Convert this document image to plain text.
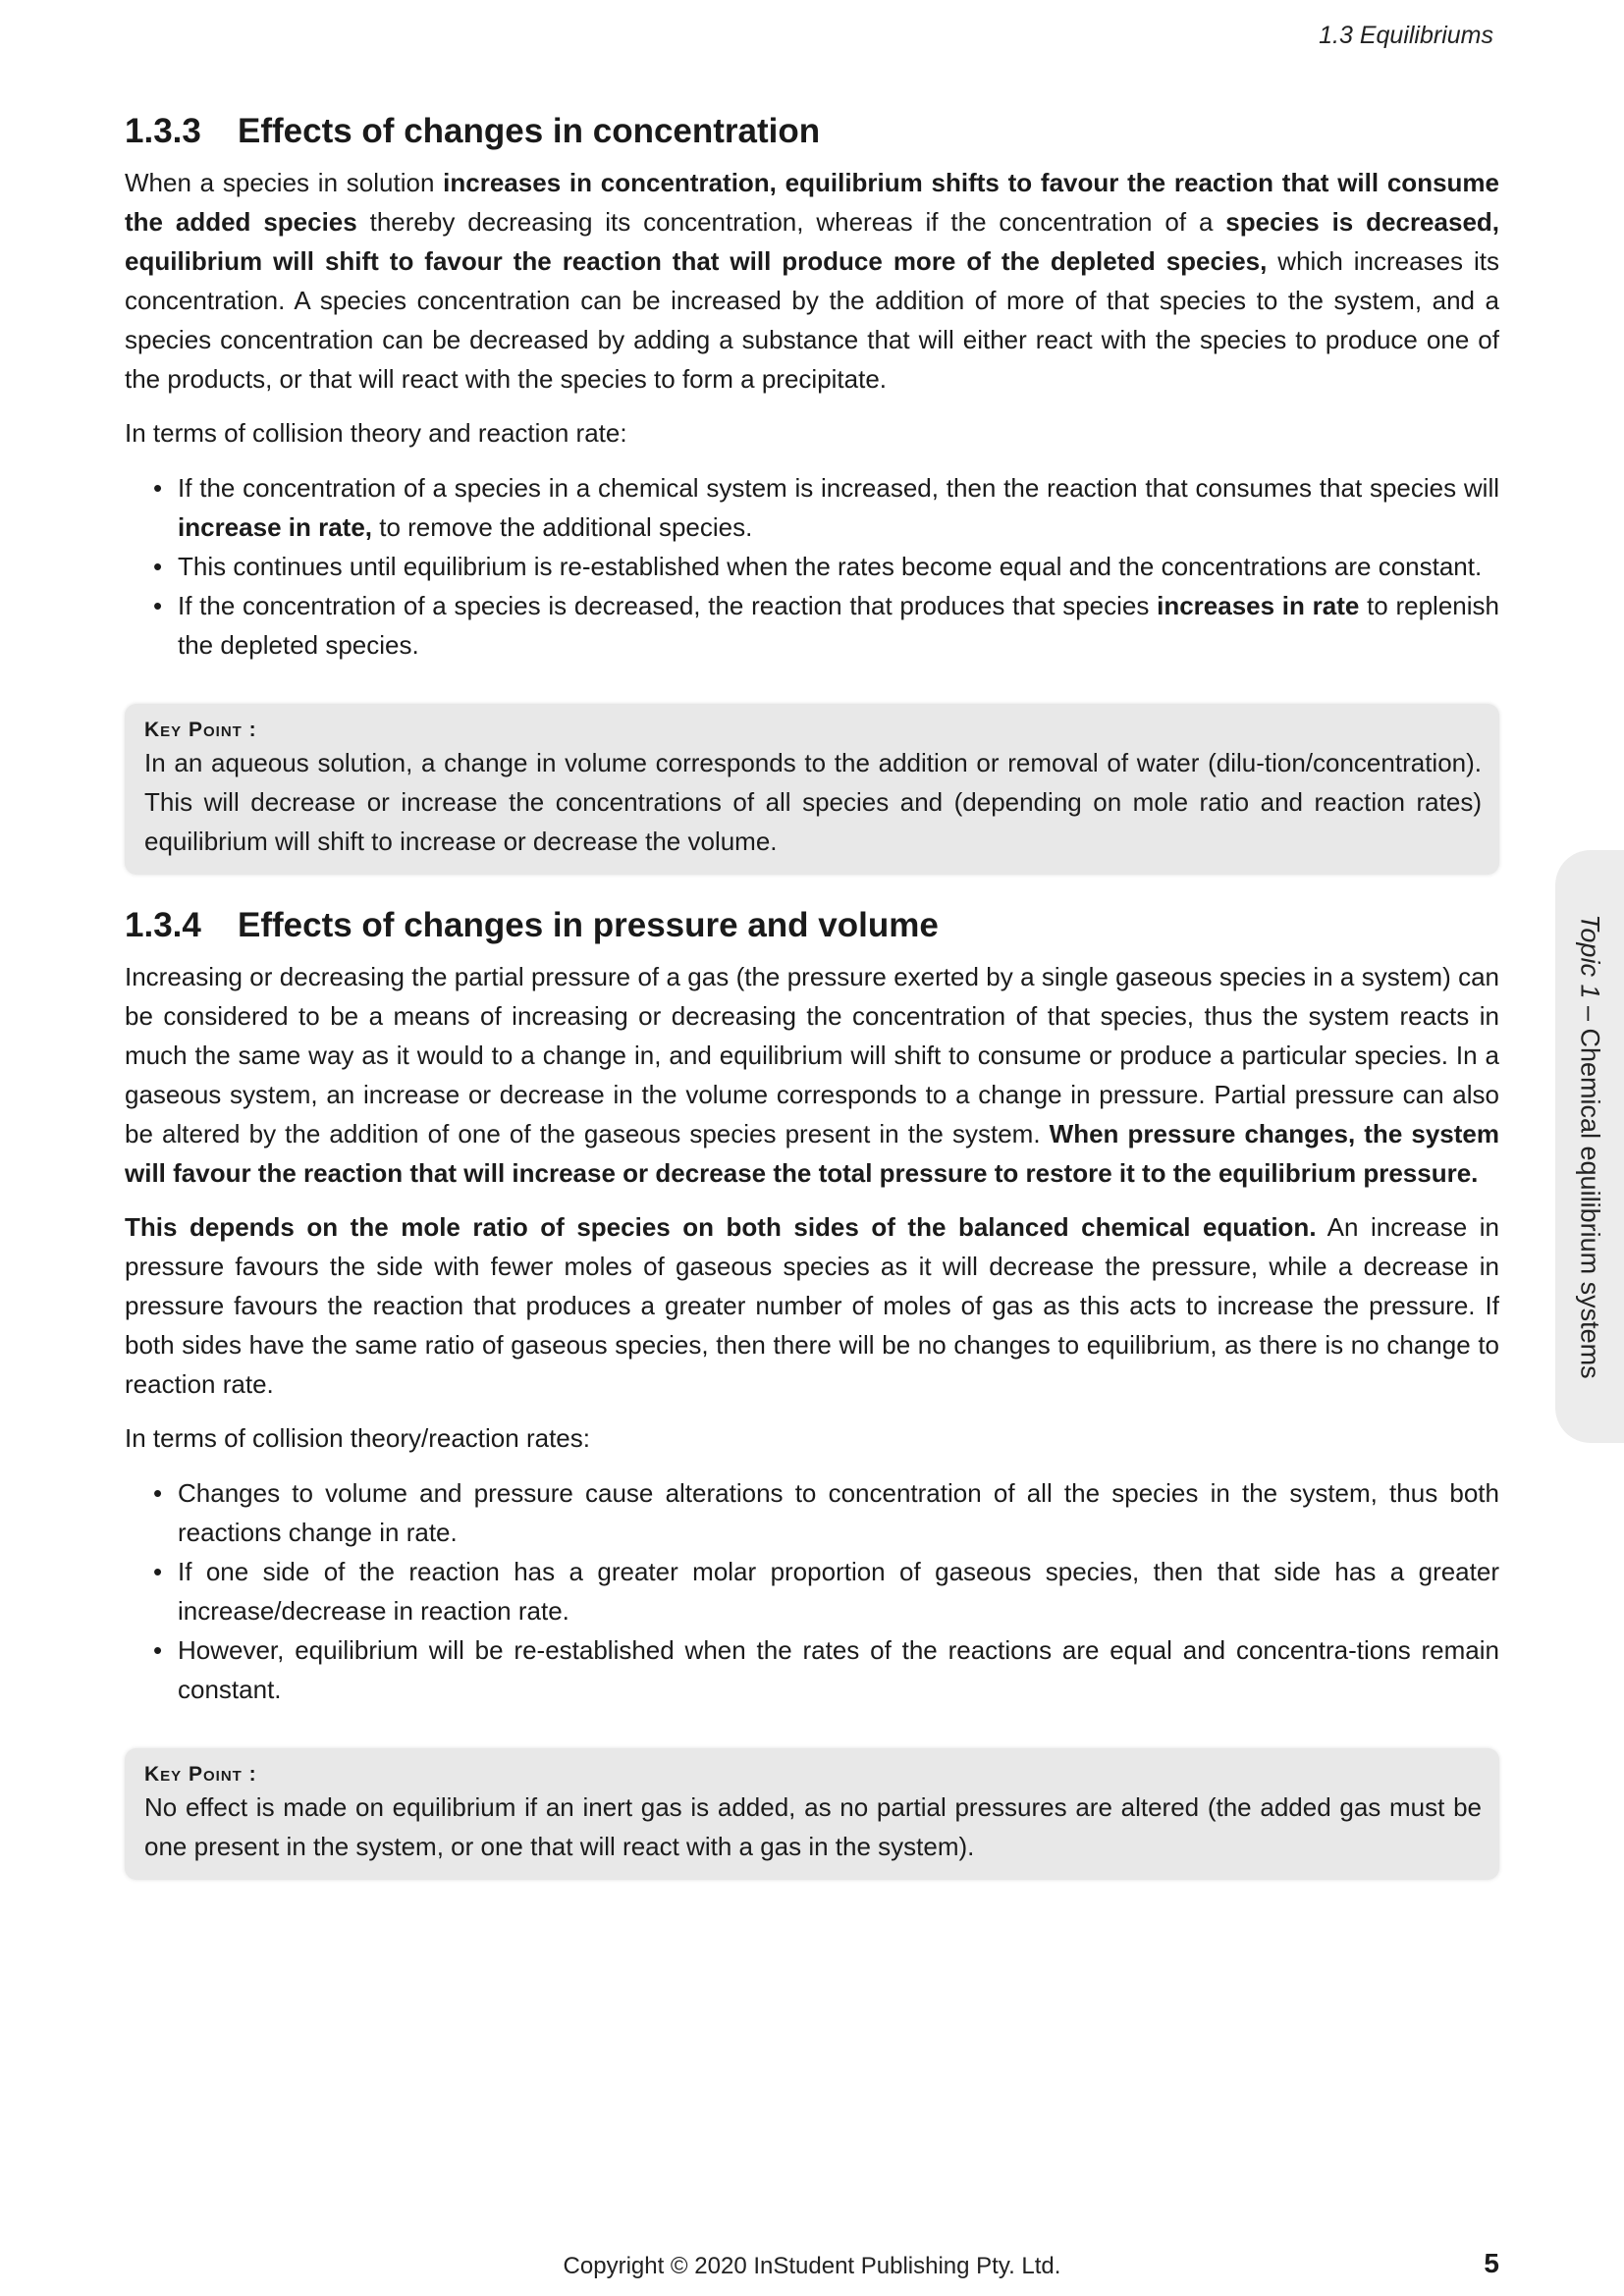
1.3 Equilibriums
1.3.3 Effects of changes in concentration

When a species in solution increases in concentration, equilibrium shifts to favour the reaction that will consume the added species thereby decreasing its concentration, whereas if the concentration of a species is decreased, equilibrium will shift to favour the reaction that will produce more of the depleted species, which increases its concentration. A species concentration can be increased by the addition of more of that species to the system, and a species concentration can be decreased by adding a substance that will either react with the species to produce one of the products, or that will react with the species to form a precipitate.

In terms of collision theory and reaction rate:

• If the concentration of a species in a chemical system is increased, then the reaction that consumes that species will increase in rate, to remove the additional species.
• This continues until equilibrium is re-established when the rates become equal and the concentrations are constant.
• If the concentration of a species is decreased, the reaction that produces that species increases in rate to replenish the depleted species.
Key Point :
In an aqueous solution, a change in volume corresponds to the addition or removal of water (dilu-tion/concentration). This will decrease or increase the concentrations of all species and (depending on mole ratio and reaction rates) equilibrium will shift to increase or decrease the volume.
1.3.4 Effects of changes in pressure and volume

Increasing or decreasing the partial pressure of a gas (the pressure exerted by a single gaseous species in a system) can be considered to be a means of increasing or decreasing the concentration of that species, thus the system reacts in much the same way as it would to a change in, and equilibrium will shift to consume or produce a particular species. In a gaseous system, an increase or decrease in the volume corresponds to a change in pressure. Partial pressure can also be altered by the addition of one of the gaseous species present in the system. When pressure changes, the system will favour the reaction that will increase or decrease the total pressure to restore it to the equilibrium pressure.

This depends on the mole ratio of species on both sides of the balanced chemical equation. An increase in pressure favours the side with fewer moles of gaseous species as it will decrease the pressure, while a decrease in pressure favours the reaction that produces a greater number of moles of gas as this acts to increase the pressure. If both sides have the same ratio of gaseous species, then there will be no changes to equilibrium, as there is no change to reaction rate.

In terms of collision theory/reaction rates:

• Changes to volume and pressure cause alterations to concentration of all the species in the system, thus both reactions change in rate.
• If one side of the reaction has a greater molar proportion of gaseous species, then that side has a greater increase/decrease in reaction rate.
• However, equilibrium will be re-established when the rates of the reactions are equal and concentra-tions remain constant.
Key Point :
No effect is made on equilibrium if an inert gas is added, as no partial pressures are altered (the added gas must be one present in the system, or one that will react with a gas in the system).
Topic 1 – Chemical equilibrium systems
Copyright © 2020 InStudent Publishing Pty. Ltd.	5
